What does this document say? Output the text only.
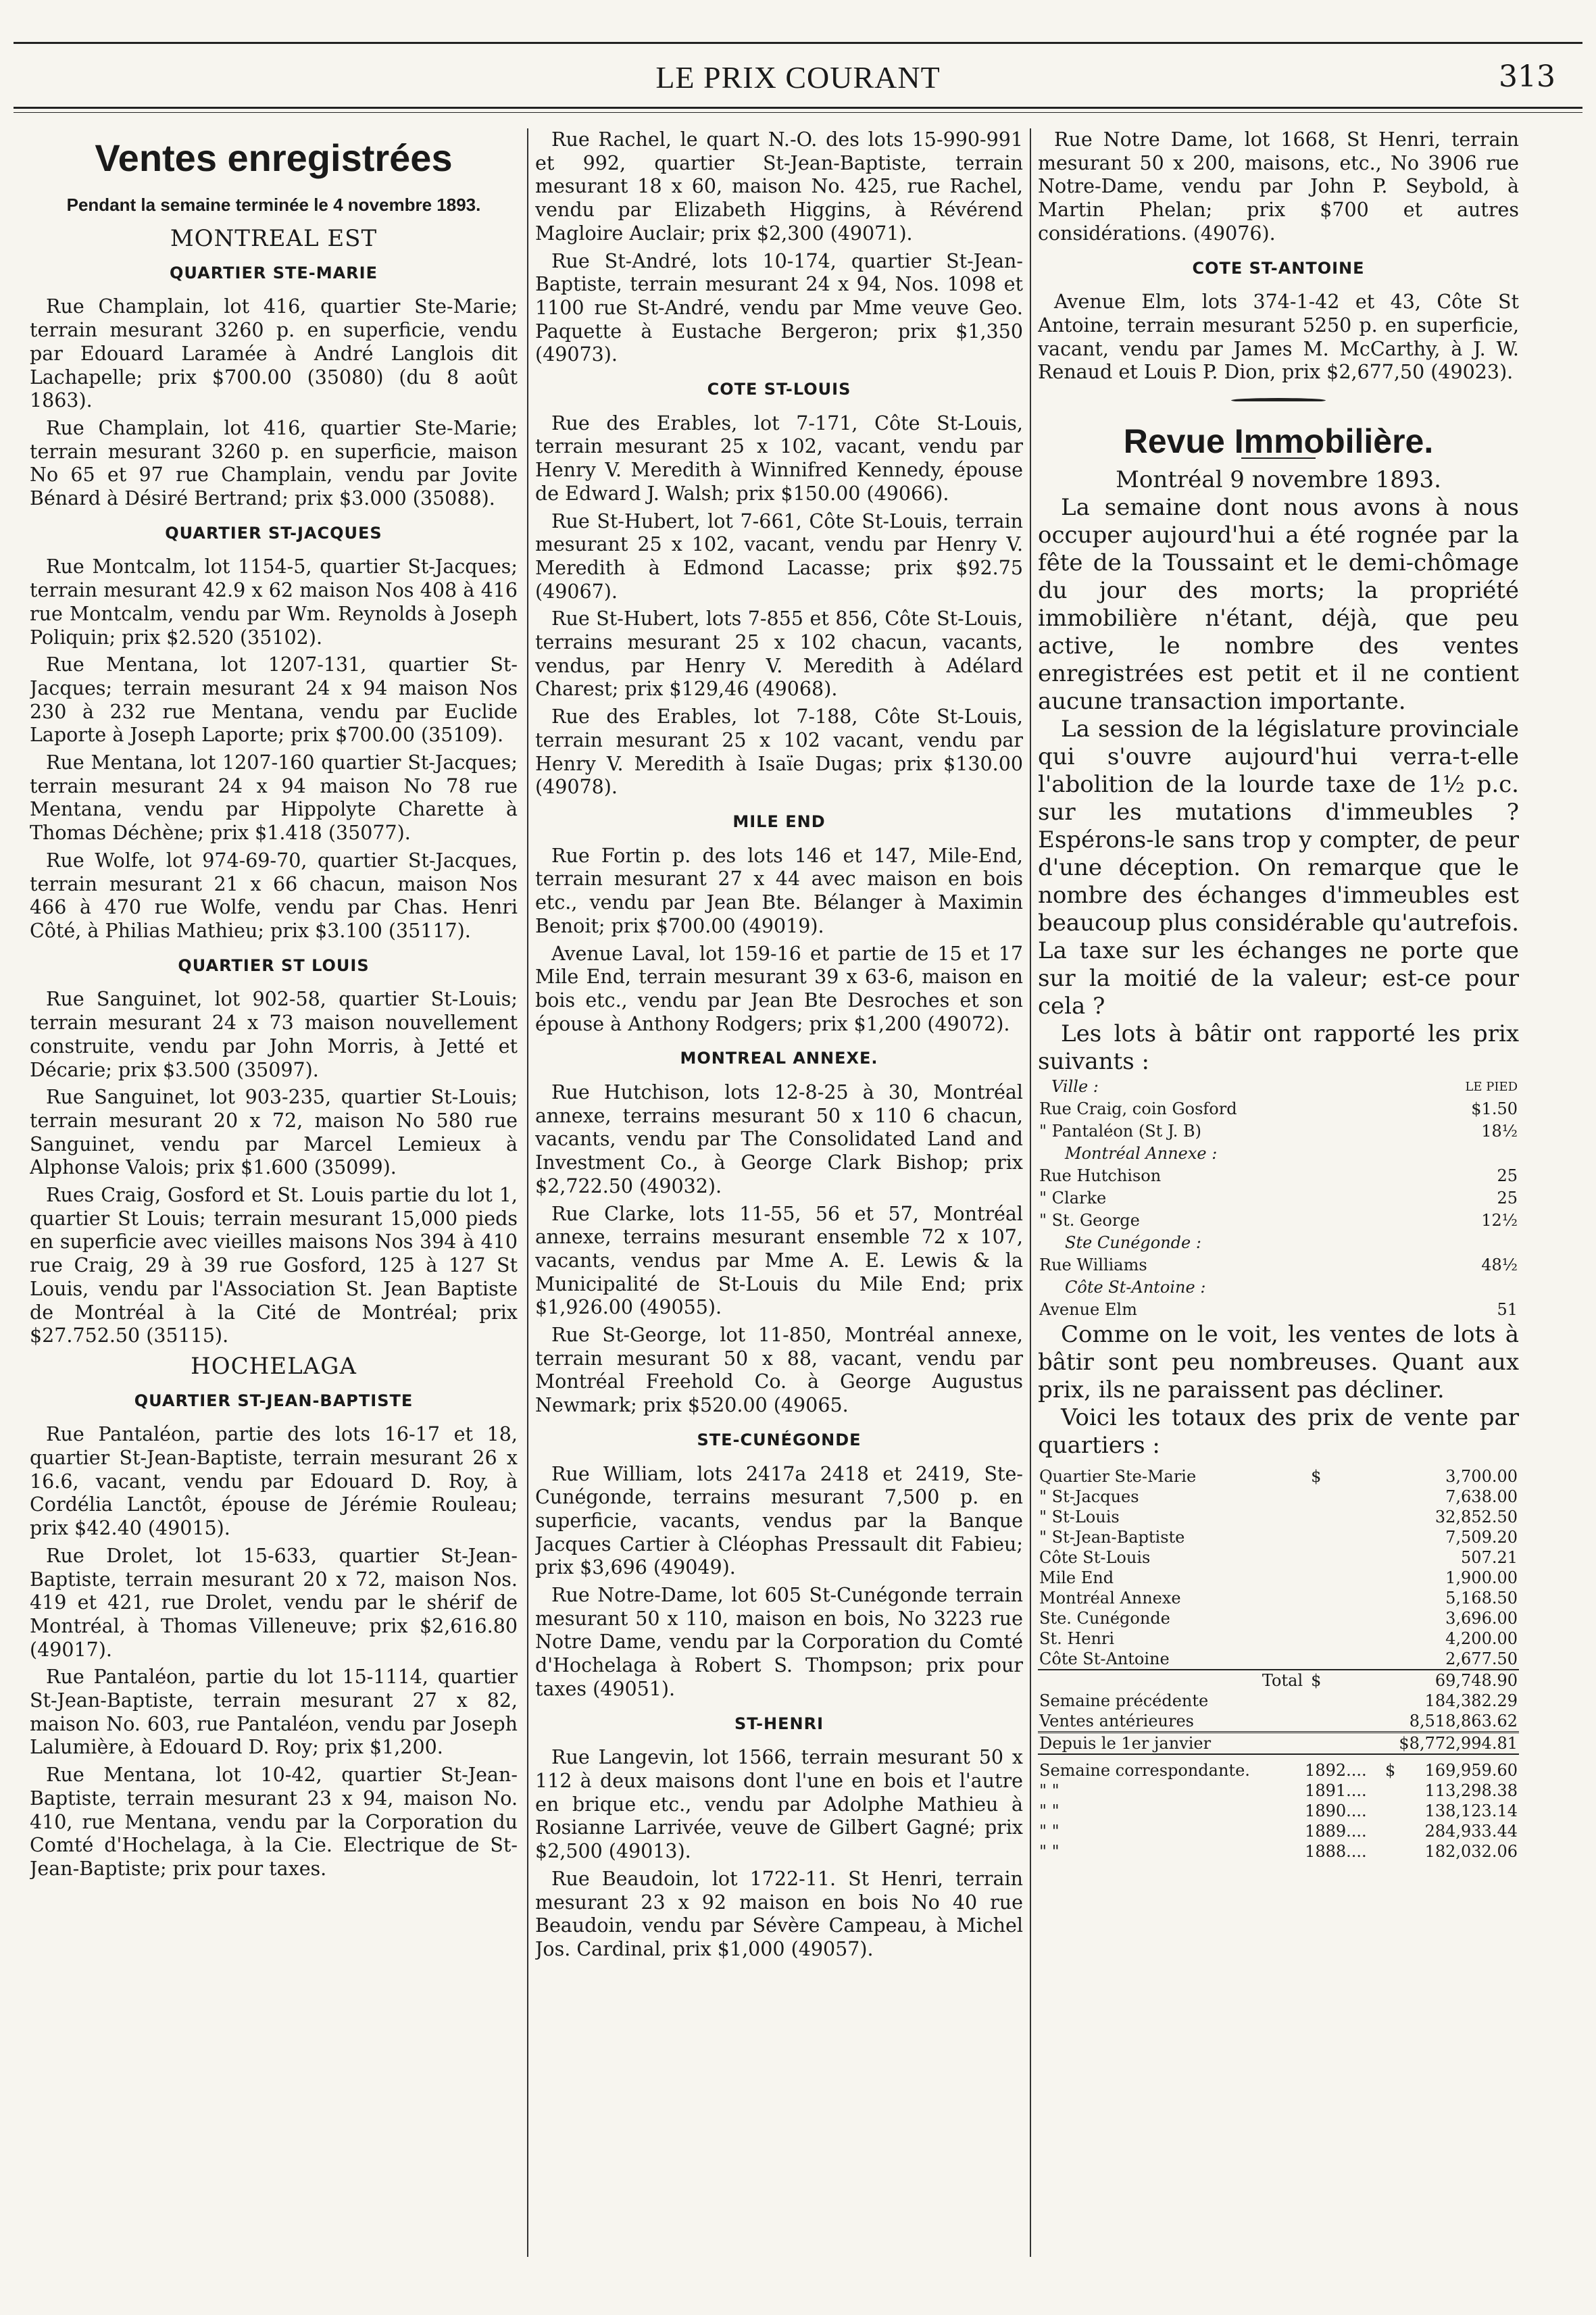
LE PRIX COURANT	313
Ventes enregistrées
Pendant la semaine terminée le 4 novembre 1893.
MONTREAL EST
QUARTIER STE-MARIE

Rue Champlain, lot 416, quartier Ste-Marie; terrain mesurant 3260 p. en superficie, vendu par Edouard Laramée à André Langlois dit Lachapelle; prix $700.00 (35080) (du 8 août 1863).

Rue Champlain, lot 416, quartier Ste-Marie; terrain mesurant 3260 p. en superficie, maison No 65 et 97 rue Champlain, vendu par Jovite Bénard à Désiré Bertrand; prix $3.000 (35088).

QUARTIER ST-JACQUES

Rue Montcalm, lot 1154-5, quartier St-Jacques; terrain mesurant 42.9 x 62 maison Nos 408 à 416 rue Montcalm, vendu par Wm. Reynolds à Joseph Poliquin; prix $2.520 (35102).

Rue Mentana, lot 1207-131, quartier St-Jacques; terrain mesurant 24 x 94 maison Nos 230 à 232 rue Mentana, vendu par Euclide Laporte à Joseph Laporte; prix $700.00 (35109).

Rue Mentana, lot 1207-160 quartier St-Jacques; terrain mesurant 24 x 94 maison No 78 rue Mentana, vendu par Hippolyte Charette à Thomas Déchène; prix $1.418 (35077).

Rue Wolfe, lot 974-69-70, quartier St-Jacques, terrain mesurant 21 x 66 chacun, maison Nos 466 à 470 rue Wolfe, vendu par Chas. Henri Côté, à Philias Mathieu; prix $3.100 (35117).

QUARTIER ST LOUIS

Rue Sanguinet, lot 902-58, quartier St-Louis; terrain mesurant 24 x 73 maison nouvellement construite, vendu par John Morris, à Jetté et Décarie; prix $3.500 (35097).

Rue Sanguinet, lot 903-235, quartier St-Louis; terrain mesurant 20 x 72, maison No 580 rue Sanguinet, vendu par Marcel Lemieux à Alphonse Valois; prix $1.600 (35099).

Rues Craig, Gosford et St. Louis partie du lot 1, quartier St Louis; terrain mesurant 15,000 pieds en superficie avec vieilles maisons Nos 394 à 410 rue Craig, 29 à 39 rue Gosford, 125 à 127 St Louis, vendu par l'Association St. Jean Baptiste de Montréal à la Cité de Montréal; prix $27.752.50 (35115).

HOCHELAGA
QUARTIER ST-JEAN-BAPTISTE

Rue Pantaléon, partie des lots 16-17 et 18, quartier St-Jean-Baptiste, terrain mesurant 26 x 16.6, vacant, vendu par Edouard D. Roy, à Cordélia Lanctôt, épouse de Jérémie Rouleau; prix $42.40 (49015).

Rue Drolet, lot 15-633, quartier St-Jean-Baptiste, terrain mesurant 20 x 72, maison Nos. 419 et 421, rue Drolet, vendu par le shérif de Montréal, à Thomas Villeneuve; prix $2,616.80 (49017).

Rue Pantaléon, partie du lot 15-1114, quartier St-Jean-Baptiste, terrain mesurant 27 x 82, maison No. 603, rue Pantaléon, vendu par Joseph Lalumière, à Edouard D. Roy; prix $1,200.

Rue Mentana, lot 10-42, quartier St-Jean-Baptiste, terrain mesurant 23 x 94, maison No. 410, rue Mentana, vendu par la Corporation du Comté d'Hochelaga, à la Cie. Electrique de St-Jean-Baptiste; prix pour taxes.

Rue Rachel, le quart N.-O. des lots 15-990-991 et 992, quartier St-Jean-Baptiste, terrain mesurant 18 x 60, maison No. 425, rue Rachel, vendu par Elizabeth Higgins, à Révérend Magloire Auclair; prix $2,300 (49071).

Rue St-André, lots 10-174, quartier St-Jean-Baptiste, terrain mesurant 24 x 94, Nos. 1098 et 1100 rue St-André, vendu par Mme veuve Geo. Paquette à Eustache Bergeron; prix $1,350 (49073).

COTE ST-LOUIS

Rue des Erables, lot 7-171, Côte St-Louis, terrain mesurant 25 x 102, vacant, vendu par Henry V. Meredith à Winnifred Kennedy, épouse de Edward J. Walsh; prix $150.00 (49066).

Rue St-Hubert, lot 7-661, Côte St-Louis, terrain mesurant 25 x 102, vacant, vendu par Henry V. Meredith à Edmond Lacasse; prix $92.75 (49067).

Rue St-Hubert, lots 7-855 et 856, Côte St-Louis, terrains mesurant 25 x 102 chacun, vacants, vendus, par Henry V. Meredith à Adélard Charest; prix $129,46 (49068).

Rue des Erables, lot 7-188, Côte St-Louis, terrain mesurant 25 x 102 vacant, vendu par Henry V. Meredith à Isaïe Dugas; prix $130.00 (49078).

MILE END

Rue Fortin p. des lots 146 et 147, Mile-End, terrain mesurant 27 x 44 avec maison en bois etc., vendu par Jean Bte. Bélanger à Maximin Benoit; prix $700.00 (49019).

Avenue Laval, lot 159-16 et partie de 15 et 17 Mile End, terrain mesurant 39 x 63-6, maison en bois etc., vendu par Jean Bte Desroches et son épouse à Anthony Rodgers; prix $1,200 (49072).

MONTREAL ANNEXE.

Rue Hutchison, lots 12-8-25 à 30, Montréal annexe, terrains mesurant 50 x 110 6 chacun, vacants, vendu par The Consolidated Land and Investment Co., à George Clark Bishop; prix $2,722.50 (49032).

Rue Clarke, lots 11-55, 56 et 57, Montréal annexe, terrains mesurant ensemble 72 x 107, vacants, vendus par Mme A. E. Lewis & la Municipalité de St-Louis du Mile End; prix $1,926.00 (49055).

Rue St-George, lot 11-850, Montréal annexe, terrain mesurant 50 x 88, vacant, vendu par Montréal Freehold Co. à George Augustus Newmark; prix $520.00 (49065.

STE-CUNÉGONDE

Rue William, lots 2417a 2418 et 2419, Ste-Cunégonde, terrains mesurant 7,500 p. en superficie, vacants, vendus par la Banque Jacques Cartier à Cléophas Pressault dit Fabieu; prix $3,696 (49049).

Rue Notre-Dame, lot 605 St-Cunégonde terrain mesurant 50 x 110, maison en bois, No 3223 rue Notre Dame, vendu par la Corporation du Comté d'Hochelaga à Robert S. Thompson; prix pour taxes (49051).

ST-HENRI

Rue Langevin, lot 1566, terrain mesurant 50 x 112 à deux maisons dont l'une en bois et l'autre en brique etc., vendu par Adolphe Mathieu à Rosianne Larrivée, veuve de Gilbert Gagné; prix $2,500 (49013).

Rue Beaudoin, lot 1722-11. St Henri, terrain mesurant 23 x 92 maison en bois No 40 rue Beaudoin, vendu par Sévère Campeau, à Michel Jos. Cardinal, prix $1,000 (49057).

Rue Notre Dame, lot 1668, St Henri, terrain mesurant 50 x 200, maisons, etc., No 3906 rue Notre-Dame, vendu par John P. Seybold, à Martin Phelan; prix $700 et autres considérations. (49076).

COTE ST-ANTOINE

Avenue Elm, lots 374-1-42 et 43, Côte St Antoine, terrain mesurant 5250 p. en superficie, vacant, vendu par James M. McCarthy, à J. W. Renaud et Louis P. Dion, prix $2,677,50 (49023).

Revue Immobilière.
Montréal 9 novembre 1893.

La semaine dont nous avons à nous occuper aujourd'hui a été rognée par la fête de la Toussaint et le demi-chômage du jour des morts; la propriété immobilière n'étant, déjà, que peu active, le nombre des ventes enregistrées est petit et il ne contient aucune transaction importante.

La session de la législature provinciale qui s'ouvre aujourd'hui verra-t-elle l'abolition de la lourde taxe de 1½ p.c. sur les mutations d'immeubles ? Espérons-le sans trop y compter, de peur d'une déception. On remarque que le nombre des échanges d'immeubles est beaucoup plus considérable qu'autrefois. La taxe sur les échanges ne porte que sur la moitié de la valeur; est-ce pour cela ?

Les lots à bâtir ont rapporté les prix suivants :

Ville :	LE PIED
Rue Craig, coin Gosford	$1.50
" Pantaléon (St J. B)	18½
Montréal Annexe :	
Rue Hutchison	25
" Clarke	25
" St. George	12½
Ste Cunégonde :	
Rue Williams	48½
Côte St-Antoine :	
Avenue Elm	51

Comme on le voit, les ventes de lots à bâtir sont peu nombreuses. Quant aux prix, ils ne paraissent pas décliner.

Voici les totaux des prix de vente par quartiers :

Quartier Ste-Marie	$	3,700.00
" St-Jacques		7,638.00
" St-Louis		32,852.50
" St-Jean-Baptiste		7,509.20
Côte St-Louis		507.21
Mile End		1,900.00
Montréal Annexe		5,168.50
Ste. Cunégonde		3,696.00
St. Henri		4,200.00
Côte St-Antoine		2,677.50
Total	$	69,748.90
Semaine précédente		184,382.29
Ventes antérieures		8,518,863.62
Depuis le 1er janvier		$8,772,994.81
Semaine correspondante.	1892....	$	169,959.60
" "	1891....		113,298.38
" "	1890....		138,123.14
" "	1889....		284,933.44
" "	1888....		182,032.06
